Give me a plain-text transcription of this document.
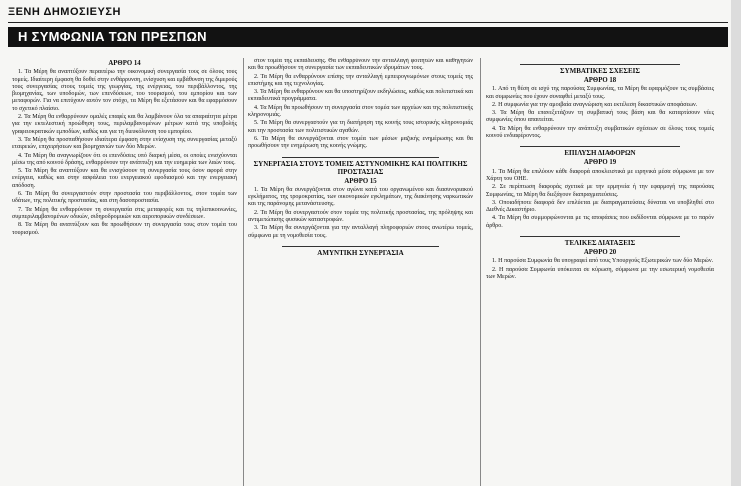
ΞΕΝΗ ΔΗΜΟΣΙΕΥΣΗ
Η ΣΥΜΦΩΝΙΑ ΤΩΝ ΠΡΕΣΠΩΝ
ΑΡΘΡΟ 14

1. Τα Μέρη θα αναπτύξουν περαιτέρω την οικονομική συνεργασία τους σε όλους τους τομείς. Ιδιαίτερη έμφαση θα δοθεί στην ενθάρρυνση, ενίσχυση και εμβάθυνση της διμερούς τους συνεργασίας στους τομείς της γεωργίας, της ενέργειας, του περιβάλλοντος, της βιομηχανίας, των υποδομών, των επενδύσεων, του τουρισμού, του εμπορίου και των μεταφορών. Για να επιτύχουν αυτόν τον στόχο, τα Μέρη θα εξετάσουν και θα εφαρμόσουν το σχετικό πλαίσιο.

2. Τα Μέρη θα ενθαρρύνουν ομαλές επαφές και θα λαμβάνουν όλα τα απαραίτητα μέτρα για την εκτελεστική προώθηση τους, περιλαμβανομένων μέτρων κατά της υποβολής γραφειοκρατικών εμποδίων, καθώς και για τη διευκόλυνση του εμπορίου.

3. Τα Μέρη θα προσπαθήσουν ιδιαίτερα έμφαση στην ενίσχυση της συνεργασίας μεταξύ εταιρειών, επιχειρήσεων και βιομηχανιών των δύο Μερών.

4. Τα Μέρη θα αναγνωρίζουν ότι οι επενδύσεις υπό διαρκή μέσα, οι οποίες ενισχύονται μέσω της από κοινού δράσης, ενθαρρύνουν την ανάπτυξη και την ευημερία των λαών τους.

5. Τα Μέρη θα αναπτύξουν και θα ενισχύσουν τη συνεργασία τους όσον αφορά στην ενέργεια, καθώς και στην ασφάλεια του ενεργειακού εφοδιασμού και την ενεργειακή απόδοση.

6. Τα Μέρη θα συνεργαστούν στην προστασία του περιβάλλοντος, στον τομέα των υδάτων, της πολιτικής προστασίας, και στη δασοπροστασία.

7. Τα Μέρη θα ενθαρρύνουν τη συνεργασία στις μεταφορές και τις τηλεπικοινωνίες, συμπεριλαμβανομένων οδικών, σιδηροδρομικών και αεροπορικών συνδέσεων.

8. Τα Μέρη θα αναπτύξουν και θα προωθήσουν τη συνεργασία τους στον τομέα του τουρισμού.

στον τομέα της εκπαίδευσης. Θα ενθαρρύνουν την ανταλλαγή φοιτητών και καθηγητών και θα προωθήσουν τη συνεργασία των εκπαιδευτικών ιδρυμάτων τους.

2. Τα Μέρη θα ενθαρρύνουν επίσης την ανταλλαγή εμπειρογνωμόνων στους τομείς της επιστήμης και της τεχνολογίας.

3. Τα Μέρη θα ενθαρρύνουν και θα υποστηρίζουν εκδηλώσεις, καθώς και πολιτιστικά και εκπαιδευτικά προγράμματα.

4. Τα Μέρη θα προωθήσουν τη συνεργασία στον τομέα των αρχείων και της πολιτιστικής κληρονομιάς.

5. Τα Μέρη θα συνεργαστούν για τη διατήρηση της κοινής τους ιστορικής κληρονομιάς και την προστασία των πολιτιστικών αγαθών.

6. Τα Μέρη θα συνεργάζονται στον τομέα των μέσων μαζικής ενημέρωσης και θα προωθήσουν την ενημέρωση της κοινής γνώμης.

ΣΥΝΕΡΓΑΣΙΑ ΣΤΟΥΣ ΤΟΜΕΙΣ ΑΣΤΥΝΟΜΙΚΗΣ ΚΑΙ ΠΟΛΙΤΙΚΗΣ ΠΡΟΣΤΑΣΙΑΣ
ΑΡΘΡΟ 15

1. Τα Μέρη θα συνεργάζονται στον αγώνα κατά του οργανωμένου και διασυνοριακού εγκλήματος, της τρομοκρατίας, των οικονομικών εγκλημάτων, της διακίνησης ναρκωτικών και της παράνομης μετανάστευσης.

2. Τα Μέρη θα συνεργαστούν στον τομέα της πολιτικής προστασίας, της πρόληψης και αντιμετώπισης φυσικών καταστροφών.

3. Τα Μέρη θα συνεργάζονται για την ανταλλαγή πληροφοριών στους ανωτέρω τομείς, σύμφωνα με τη νομοθεσία τους.

ΑΜΥΝΤΙΚΗ ΣΥΝΕΡΓΑΣΙΑ
ΣΥΜΒΑΤΙΚΕΣ ΣΧΕΣΕΙΣ
ΑΡΘΡΟ 18

1. Από τη θέση σε ισχύ της παρούσας Συμφωνίας, τα Μέρη θα εφαρμόζουν τις συμβάσεις και συμφωνίες που έχουν συναφθεί μεταξύ τους.

2. Η συμφωνία για την αμοιβαία αναγνώριση και εκτέλεση δικαστικών αποφάσεων.

3. Τα Μέρη θα επανεξετάζουν τη συμβατική τους βάση και θα καταρτίσουν νέες συμφωνίες όπου απαιτείται.

4. Τα Μέρη θα ενθαρρύνουν την ανάπτυξη συμβατικών σχέσεων σε όλους τους τομείς κοινού ενδιαφέροντος.

ΕΠΙΛΥΣΗ ΔΙΑΦΟΡΩΝ
ΑΡΘΡΟ 19

1. Τα Μέρη θα επιλύουν κάθε διαφορά αποκλειστικά με ειρηνικά μέσα σύμφωνα με τον Χάρτη του ΟΗΕ.

2. Σε περίπτωση διαφοράς σχετικά με την ερμηνεία ή την εφαρμογή της παρούσας Συμφωνίας, τα Μέρη θα διεξάγουν διαπραγματεύσεις.

3. Οποιαδήποτε διαφορά δεν επιλύεται με διαπραγματεύσεις δύναται να υποβληθεί στο Διεθνές Δικαστήριο.

4. Τα Μέρη θα συμμορφώνονται με τις αποφάσεις που εκδίδονται σύμφωνα με το παρόν άρθρο.

ΤΕΛΙΚΕΣ ΔΙΑΤΑΞΕΙΣ
ΑΡΘΡΟ 20

1. Η παρούσα Συμφωνία θα υπογραφεί από τους Υπουργούς Εξωτερικών των δύο Μερών.

2. Η παρούσα Συμφωνία υπόκειται σε κύρωση, σύμφωνα με την εσωτερική νομοθεσία των Μερών.
